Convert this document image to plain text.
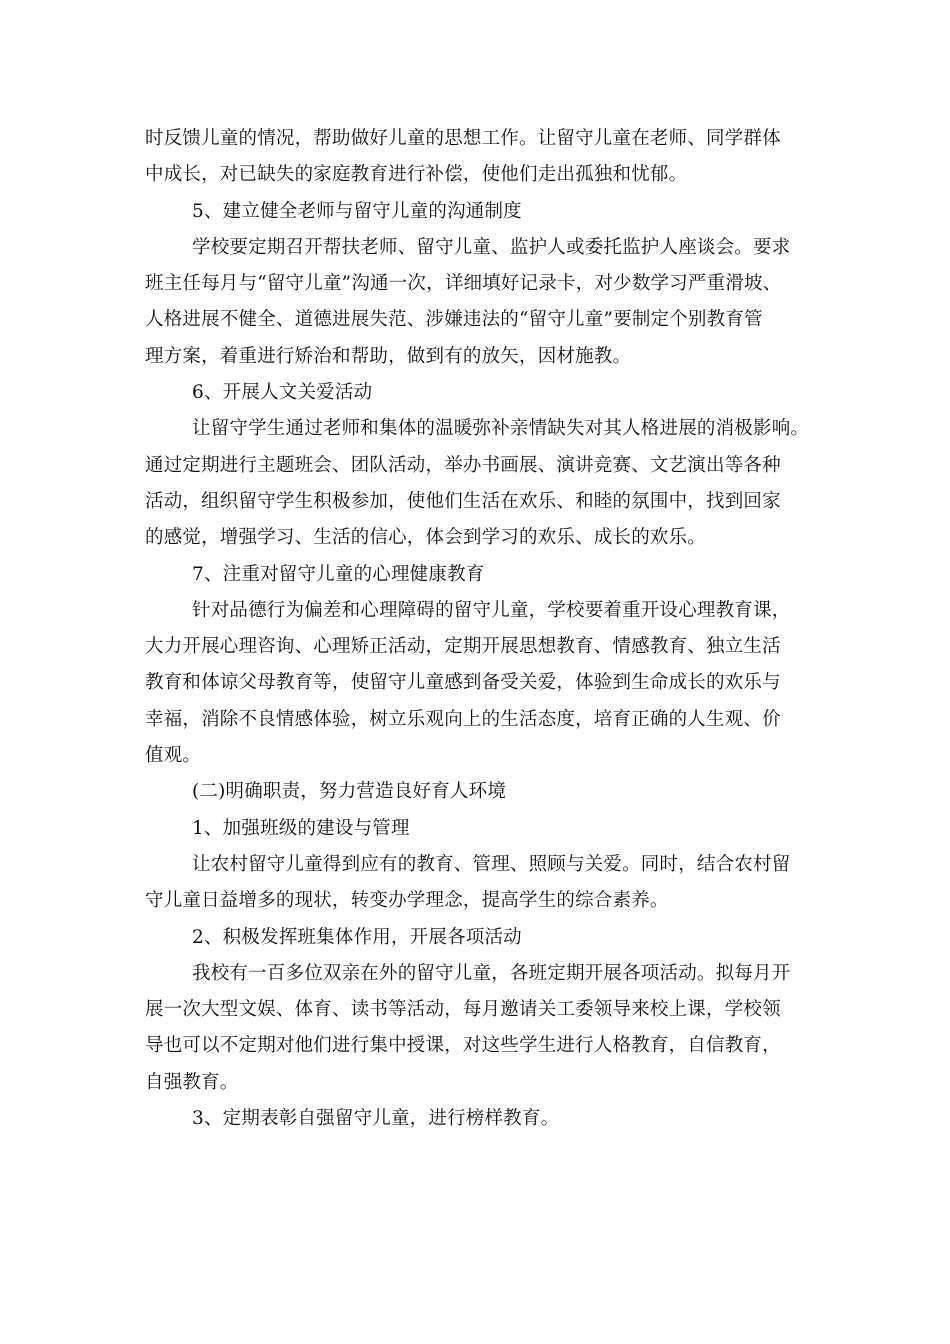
时反馈儿童的情况，帮助做好儿童的思想工作。让留守儿童在老师、同学群体
中成长，对已缺失的家庭教育进行补偿，使他们走出孤独和忧郁。
5、建立健全老师与留守儿童的沟通制度
学校要定期召开帮扶老师、留守儿童、监护人或委托监护人座谈会。要求
班主任每月与“留守儿童”沟通一次，详细填好记录卡，对少数学习严重滑坡、
人格进展不健全、道德进展失范、涉嫌违法的“留守儿童”要制定个别教育管
理方案，着重进行矫治和帮助，做到有的放矢，因材施教。
6、开展人文关爱活动
让留守学生通过老师和集体的温暖弥补亲情缺失对其人格进展的消极影响。
通过定期进行主题班会、团队活动，举办书画展、演讲竞赛、文艺演出等各种
活动，组织留守学生积极参加，使他们生活在欢乐、和睦的氛围中，找到回家
的感觉，增强学习、生活的信心，体会到学习的欢乐、成长的欢乐。
7、注重对留守儿童的心理健康教育
针对品德行为偏差和心理障碍的留守儿童，学校要着重开设心理教育课，
大力开展心理咨询、心理矫正活动，定期开展思想教育、情感教育、独立生活
教育和体谅父母教育等，使留守儿童感到备受关爱，体验到生命成长的欢乐与
幸福，消除不良情感体验，树立乐观向上的生活态度，培育正确的人生观、价
值观。
(二)明确职责，努力营造良好育人环境
1、加强班级的建设与管理
让农村留守儿童得到应有的教育、管理、照顾与关爱。同时，结合农村留
守儿童日益增多的现状，转变办学理念，提高学生的综合素养。
2、积极发挥班集体作用，开展各项活动
我校有一百多位双亲在外的留守儿童，各班定期开展各项活动。拟每月开
展一次大型文娱、体育、读书等活动，每月邀请关工委领导来校上课，学校领
导也可以不定期对他们进行集中授课，对这些学生进行人格教育，自信教育，
自强教育。
3、定期表彰自强留守儿童，进行榜样教育。
